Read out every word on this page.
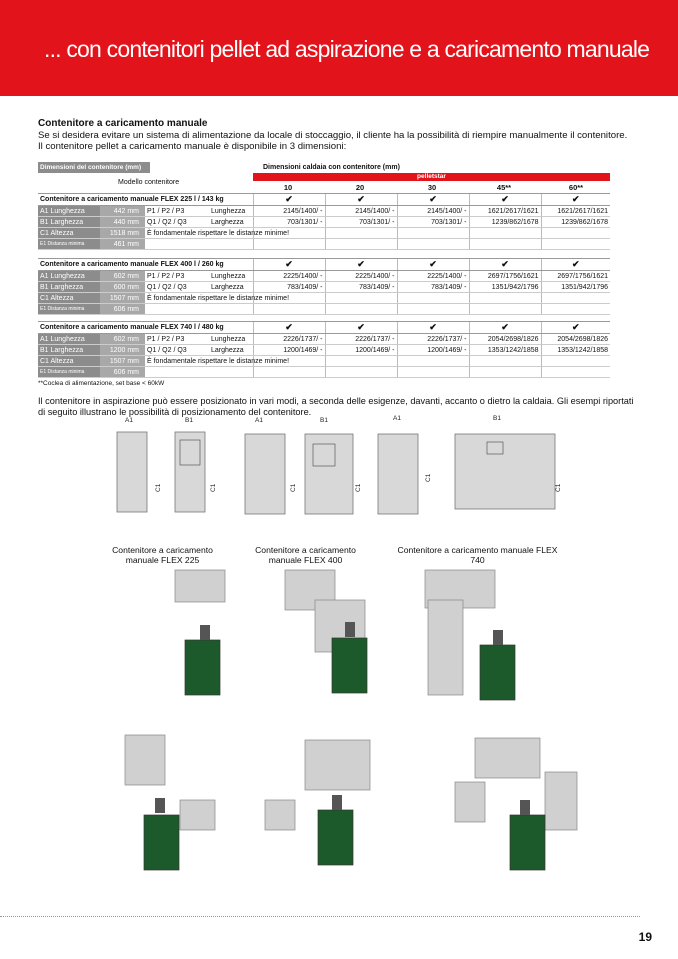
... con contenitori pellet ad aspirazione e a caricamento manuale
Contenitore a caricamento manuale
Se si desidera evitare un sistema di alimentazione da locale di stoccaggio, il cliente ha la possibilità di riempire manualmente il contenitore.
Il contenitore pellet a caricamento manuale è disponibile in 3 dimensioni:
Dimensioni del contenitore (mm)	Dimensioni caldaia con contenitore (mm)
Modello contenitore
pelletstar
10	20	30	45**	60**
Contenitore a caricamento manuale FLEX 225 l / 143 kg				✔	✔	✔	✔	✔
A1 Lunghezza	442 mm	P1 / P2 / P3	Lunghezza	2145/1400/ -	2145/1400/ -	2145/1400/ -	1621/2617/1621	1621/2617/1621
B1 Larghezza	440 mm	Q1 / Q2 / Q3	Larghezza	703/1301/ -	703/1301/ -	703/1301/ -	1239/862/1678	1239/862/1678
C1 Altezza	1518 mm	È fondamentale rispettare le distanze minime!						
E1 Distanza minima	461 mm							
Contenitore a caricamento manuale FLEX 400 l / 260 kg				✔	✔	✔	✔	✔
A1 Lunghezza	602 mm	P1 / P2 / P3	Lunghezza	2225/1400/ -	2225/1400/ -	2225/1400/ -	2697/1756/1621	2697/1756/1621
B1 Larghezza	600 mm	Q1 / Q2 / Q3	Larghezza	783/1409/ -	783/1409/ -	783/1409/ -	1351/942/1796	1351/942/1796
C1 Altezza	1507 mm	È fondamentale rispettare le distanze minime!						
E1 Distanza minima	606 mm							
Contenitore a caricamento manuale FLEX 740 l / 480 kg				✔	✔	✔	✔	✔
A1 Lunghezza	602 mm	P1 / P2 / P3	Lunghezza	2226/1737/ -	2226/1737/ -	2226/1737/ -	2054/2698/1826	2054/2698/1826
B1 Larghezza	1200 mm	Q1 / Q2 / Q3	Larghezza	1200/1469/ -	1200/1469/ -	1200/1469/ -	1353/1242/1858	1353/1242/1858
C1 Altezza	1507 mm	È fondamentale rispettare le distanze minime!						
E1 Distanza minima	606 mm							
**Coclea di alimentazione, set base < 60kW
Il contenitore in aspirazione può essere posizionato in vari modi, a seconda delle esigenze, davanti, accanto o dietro la caldaia. Gli esempi riportati di seguito illustrano le possibilità di posizionamento del contenitore.
A1	B1
C1	C1
A1	B1
C1	C1
A1	B1
C1
C1
Contenitore a caricamento manuale FLEX 225
Contenitore a caricamento manuale FLEX 400
Contenitore a caricamento manuale FLEX 740
19
